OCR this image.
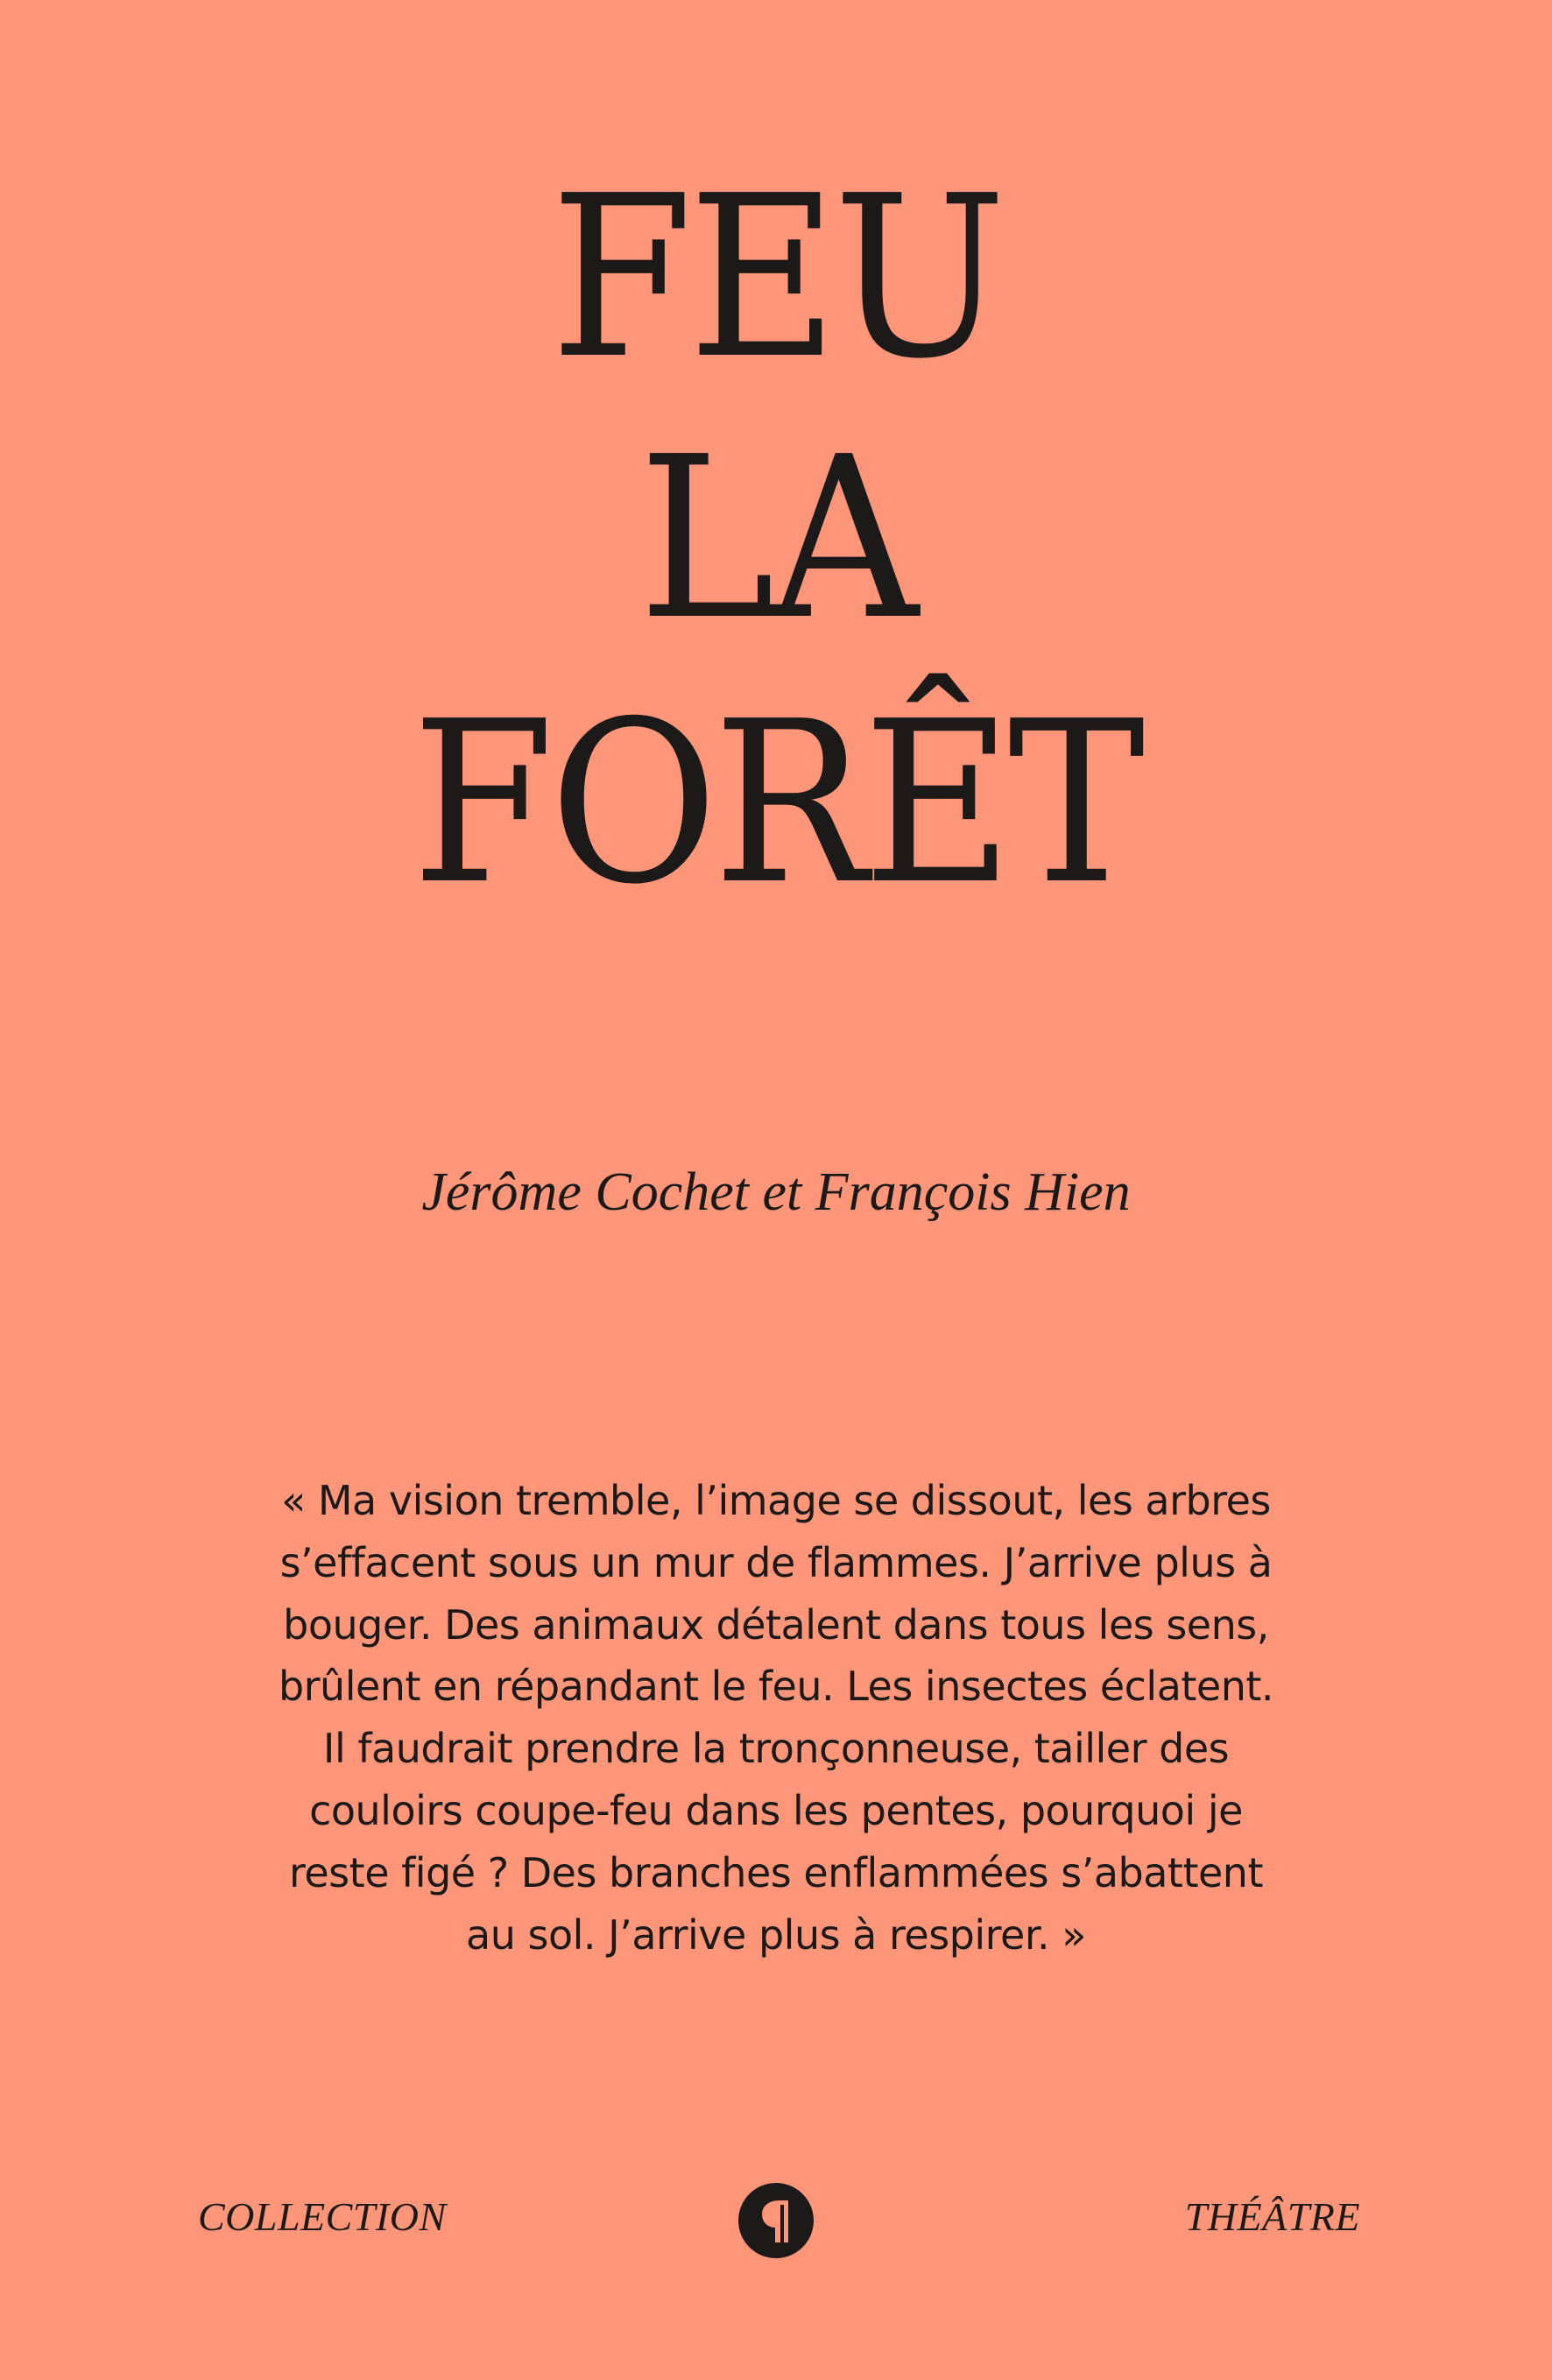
FEU
LA
FORÊT
Jérôme Cochet et François Hien
« Ma vision tremble, l’image se dissout, les arbres
s’effacent sous un mur de flammes. J’arrive plus à
bouger. Des animaux détalent dans tous les sens,
brûlent en répandant le feu. Les insectes éclatent.
Il faudrait prendre la tronçonneuse, tailler des
couloirs coupe-feu dans les pentes, pourquoi je
reste figé ? Des branches enflammées s’abattent
au sol. J’arrive plus à respirer. »
COLLECTION	THÉÂTRE
